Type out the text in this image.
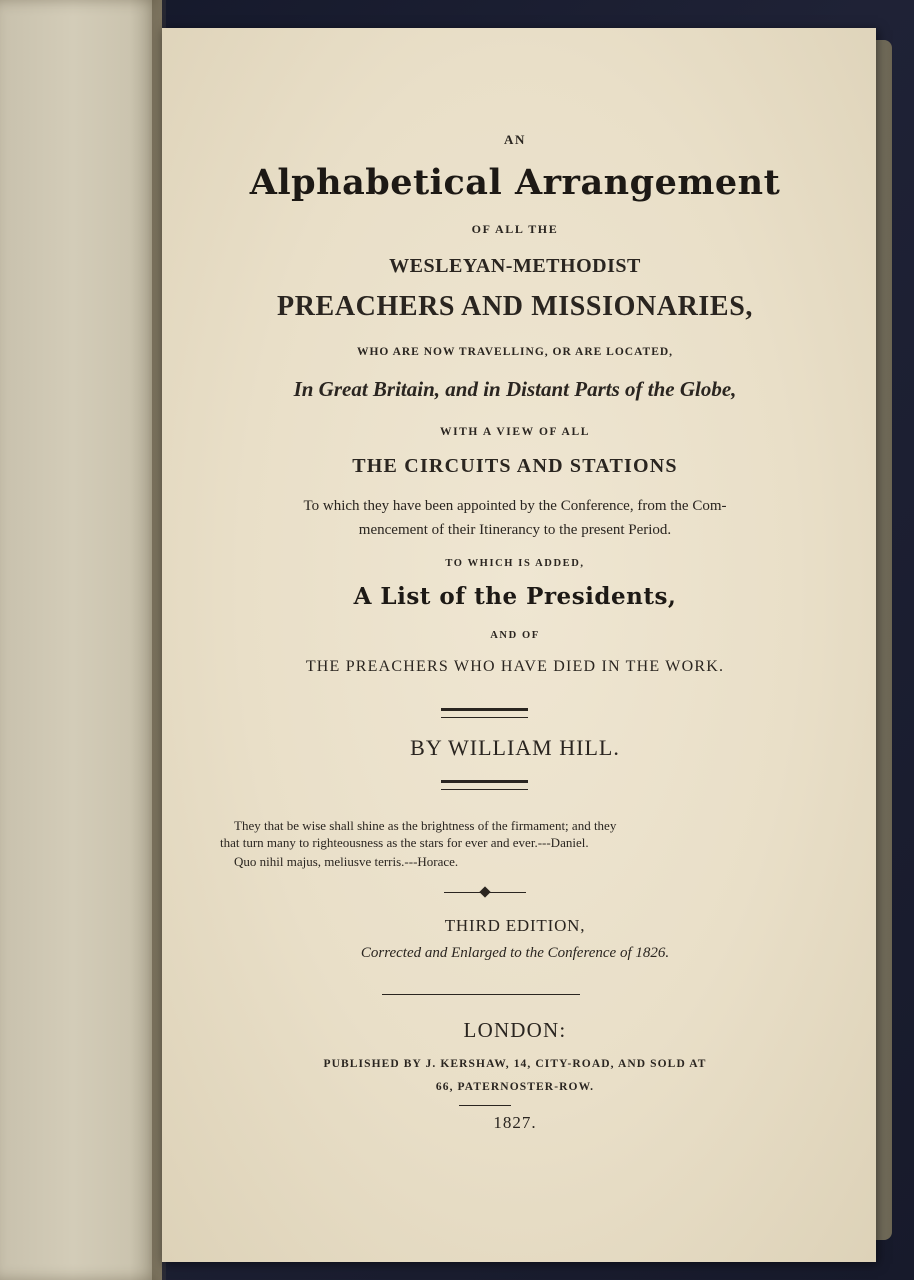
AN
Alphabetical Arrangement
OF ALL THE
WESLEYAN-METHODIST
PREACHERS AND MISSIONARIES,
WHO ARE NOW TRAVELLING, OR ARE LOCATED,
In Great Britain, and in Distant Parts of the Globe,
WITH A VIEW OF ALL
THE CIRCUITS AND STATIONS
To which they have been appointed by the Conference, from the Com-
mencement of their Itinerancy to the present Period.
TO WHICH IS ADDED,
A List of the Presidents,
AND OF
THE PREACHERS WHO HAVE DIED IN THE WORK.
BY WILLIAM HILL.
They that be wise shall shine as the brightness of the firmament; and they
that turn many to righteousness as the stars for ever and ever.---Daniel.
Quo nihil majus, meliusve terris.---Horace.
THIRD EDITION,
Corrected and Enlarged to the Conference of 1826.
LONDON:
PUBLISHED BY J. KERSHAW, 14, CITY-ROAD, AND SOLD AT
66, PATERNOSTER-ROW.
1827.
